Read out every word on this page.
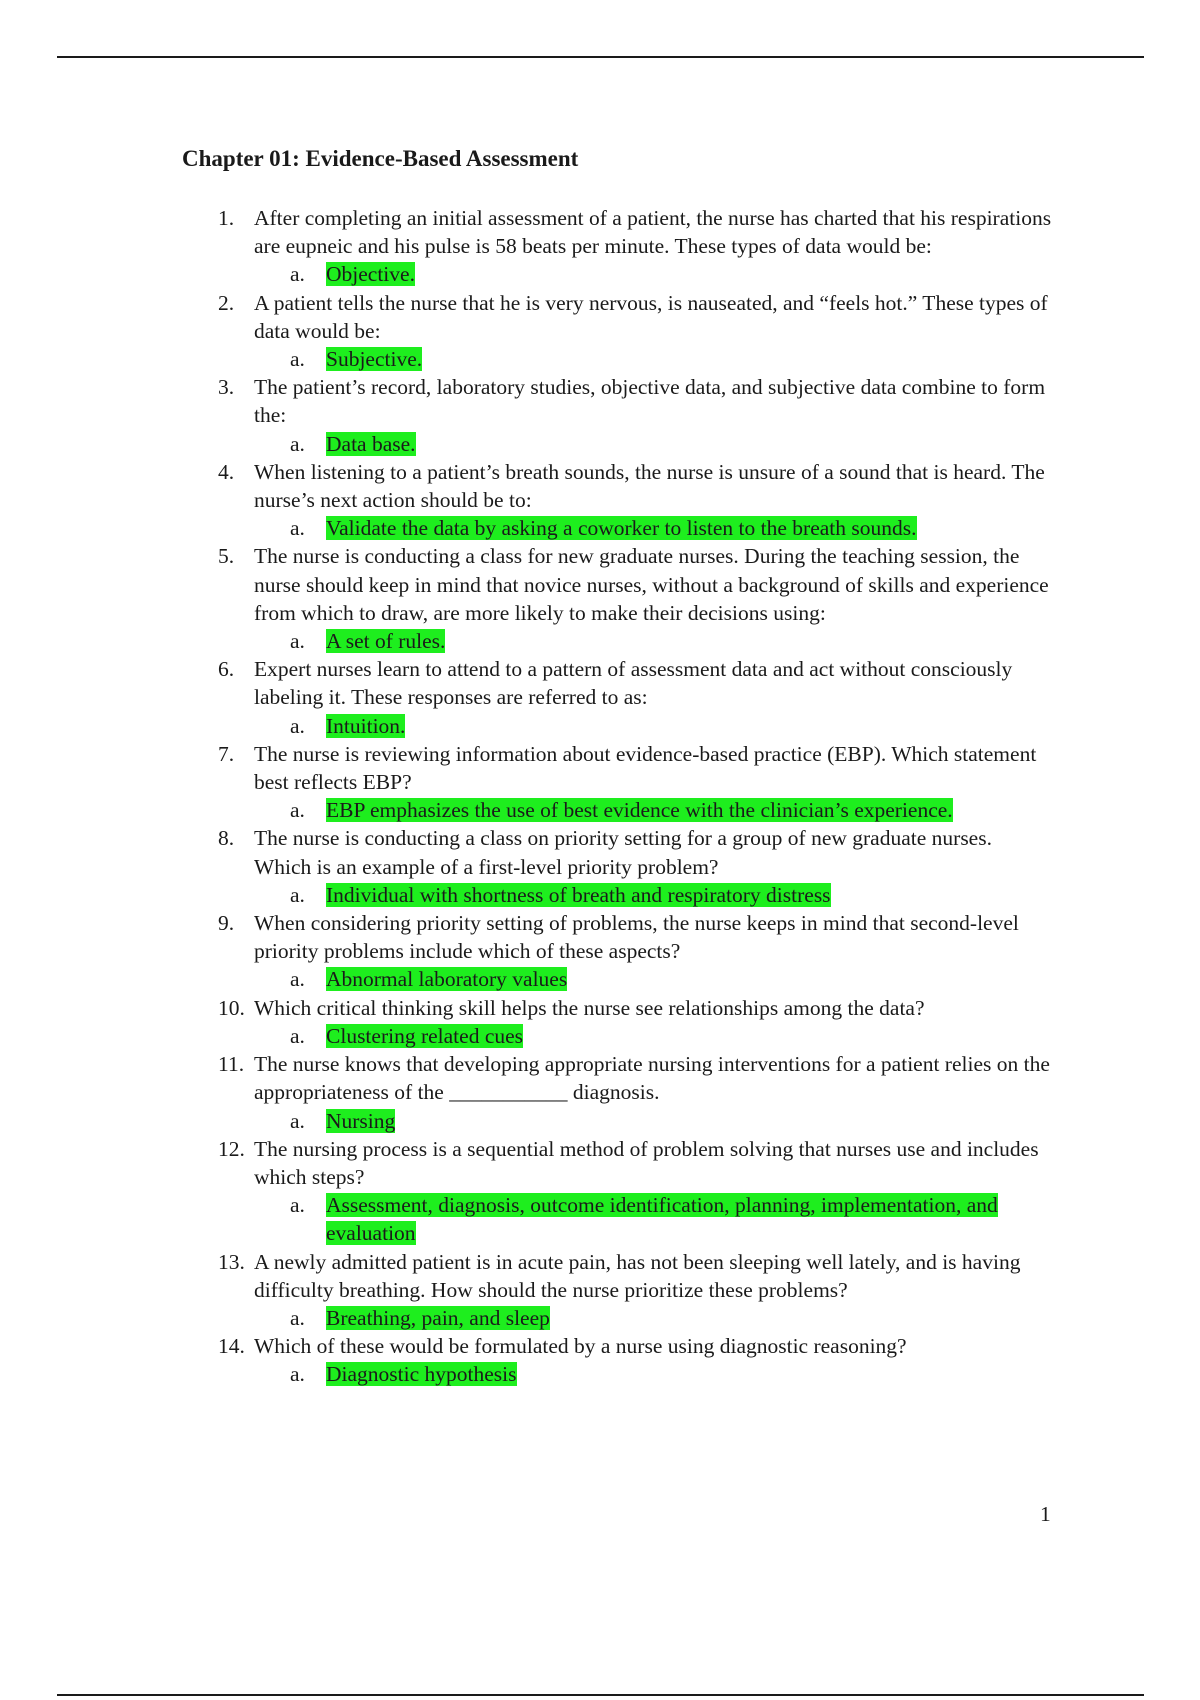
Chapter 01: Evidence-Based Assessment
1. After completing an initial assessment of a patient, the nurse has charted that his respirations are eupneic and his pulse is 58 beats per minute. These types of data would be:
a. Objective.
2. A patient tells the nurse that he is very nervous, is nauseated, and “feels hot.” These types of data would be:
a. Subjective.
3. The patient’s record, laboratory studies, objective data, and subjective data combine to form the:
a. Data base.
4. When listening to a patient’s breath sounds, the nurse is unsure of a sound that is heard. The nurse’s next action should be to:
a. Validate the data by asking a coworker to listen to the breath sounds.
5. The nurse is conducting a class for new graduate nurses. During the teaching session, the nurse should keep in mind that novice nurses, without a background of skills and experience from which to draw, are more likely to make their decisions using:
a. A set of rules.
6. Expert nurses learn to attend to a pattern of assessment data and act without consciously labeling it. These responses are referred to as:
a. Intuition.
7. The nurse is reviewing information about evidence-based practice (EBP). Which statement best reflects EBP?
a. EBP emphasizes the use of best evidence with the clinician’s experience.
8. The nurse is conducting a class on priority setting for a group of new graduate nurses. Which is an example of a first-level priority problem?
a. Individual with shortness of breath and respiratory distress
9. When considering priority setting of problems, the nurse keeps in mind that second-level priority problems include which of these aspects?
a. Abnormal laboratory values
10. Which critical thinking skill helps the nurse see relationships among the data?
a. Clustering related cues
11. The nurse knows that developing appropriate nursing interventions for a patient relies on the appropriateness of the ___________ diagnosis.
a. Nursing
12. The nursing process is a sequential method of problem solving that nurses use and includes which steps?
a. Assessment, diagnosis, outcome identification, planning, implementation, and evaluation
13. A newly admitted patient is in acute pain, has not been sleeping well lately, and is having difficulty breathing. How should the nurse prioritize these problems?
a. Breathing, pain, and sleep
14. Which of these would be formulated by a nurse using diagnostic reasoning?
a. Diagnostic hypothesis
1
